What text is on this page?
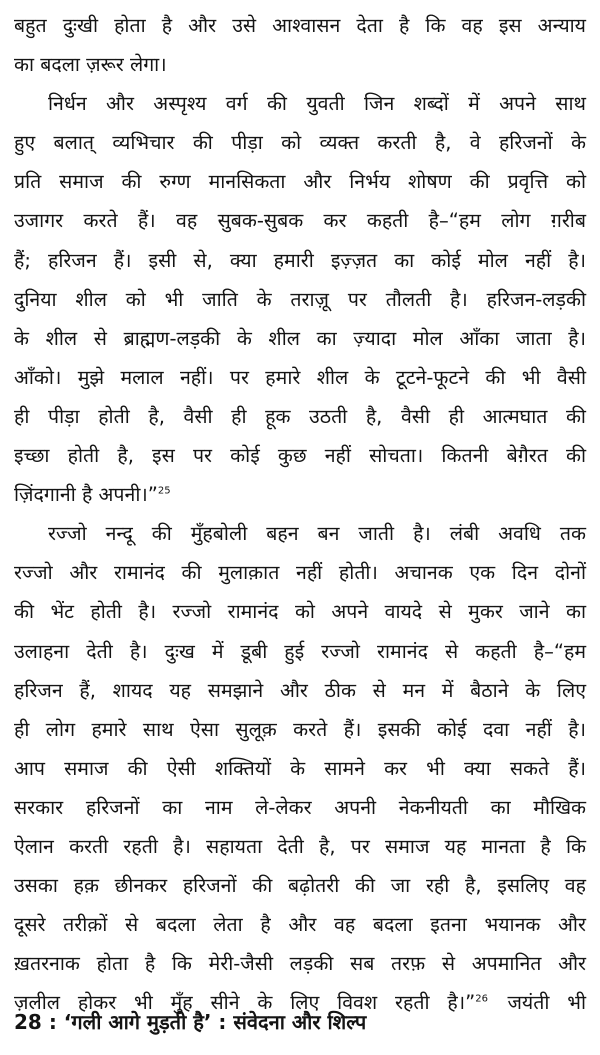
बहुत दुःखी होता है और उसे आश्वासन देता है कि वह इस अन्याय
का बदला ज़रूर लेगा।
निर्धन और अस्पृश्य वर्ग की युवती जिन शब्दों में अपने साथ
हुए बलात् व्यभिचार की पीड़ा को व्यक्त करती है, वे हरिजनों के
प्रति समाज की रुग्ण मानसिकता और निर्भय शोषण की प्रवृत्ति को
उजागर करते हैं। वह सुबक-सुबक कर कहती है–“हम लोग ग़रीब
हैं; हरिजन हैं। इसी से, क्या हमारी इज़्ज़त का कोई मोल नहीं है।
दुनिया शील को भी जाति के तराज़ू पर तौलती है। हरिजन-लड़की
के शील से ब्राह्मण-लड़की के शील का ज़्यादा मोल आँका जाता है।
आँको। मुझे मलाल नहीं। पर हमारे शील के टूटने-फूटने की भी वैसी
ही पीड़ा होती है, वैसी ही हूक उठती है, वैसी ही आत्मघात की
इच्छा होती है, इस पर कोई कुछ नहीं सोचता। कितनी बेग़ैरत की
ज़िंदगानी है अपनी।”$^{25}$
रज्जो नन्दू की मुँहबोली बहन बन जाती है। लंबी अवधि तक
रज्जो और रामानंद की मुलाक़ात नहीं होती। अचानक एक दिन दोनों
की भेंट होती है। रज्जो रामानंद को अपने वायदे से मुकर जाने का
उलाहना देती है। दुःख में डूबी हुई रज्जो रामानंद से कहती है–“हम
हरिजन हैं, शायद यह समझाने और ठीक से मन में बैठाने के लिए
ही लोग हमारे साथ ऐसा सुलूक़ करते हैं। इसकी कोई दवा नहीं है।
आप समाज की ऐसी शक्तियों के सामने कर भी क्या सकते हैं।
सरकार हरिजनों का नाम ले-लेकर अपनी नेकनीयती का मौखिक
ऐलान करती रहती है। सहायता देती है, पर समाज यह मानता है कि
उसका हक़ छीनकर हरिजनों की बढ़ोतरी की जा रही है, इसलिए वह
दूसरे तरीक़ों से बदला लेता है और वह बदला इतना भयानक और
ख़तरनाक होता है कि मेरी-जैसी लड़की सब तरफ़ से अपमानित और
ज़लील होकर भी मुँह सीने के लिए विवश रहती है।”$^{26}$  जयंती भी
28 : ‘गली आगे मुड़ती है’ : संवेदना और शिल्प
